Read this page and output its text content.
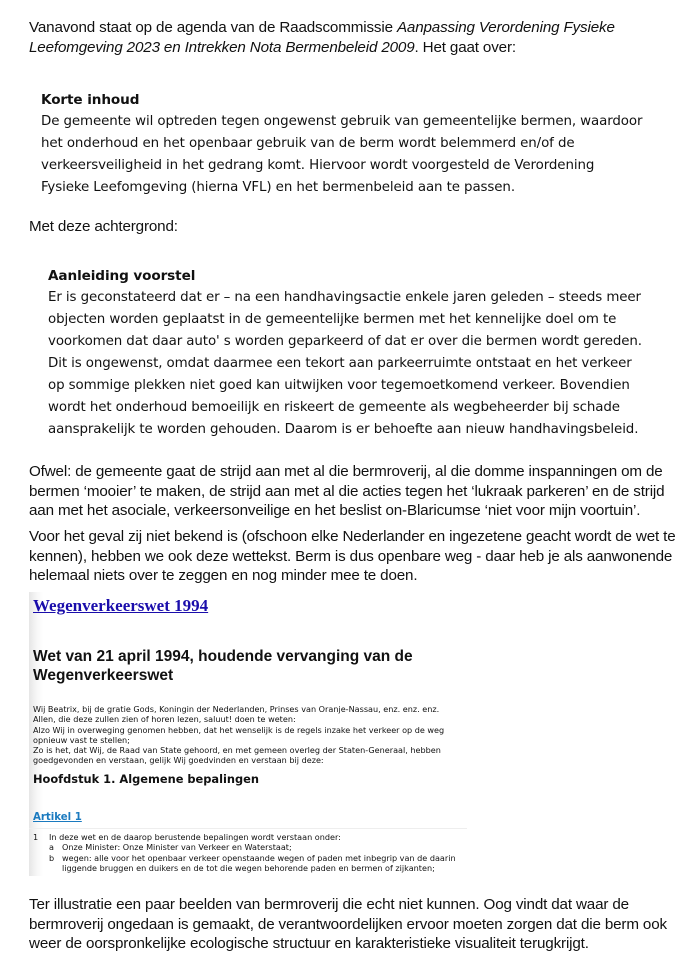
Vanavond staat op de agenda van de Raadscommissie Aanpassing Verordening Fysieke
Leefomgeving 2023 en Intrekken Nota Bermenbeleid 2009. Het gaat over:

Korte inhoud
De gemeente wil optreden tegen ongewenst gebruik van gemeentelijke bermen, waardoor
het onderhoud en het openbaar gebruik van de berm wordt belemmerd en/of de
verkeersveiligheid in het gedrang komt. Hiervoor wordt voorgesteld de Verordening
Fysieke Leefomgeving (hierna VFL) en het bermenbeleid aan te passen.

Met deze achtergrond:

Aanleiding voorstel
Er is geconstateerd dat er – na een handhavingsactie enkele jaren geleden – steeds meer
objecten worden geplaatst in de gemeentelijke bermen met het kennelijke doel om te
voorkomen dat daar auto' s worden geparkeerd of dat er over die bermen wordt gereden.
Dit is ongewenst, omdat daarmee een tekort aan parkeerruimte ontstaat en het verkeer
op sommige plekken niet goed kan uitwijken voor tegemoetkomend verkeer. Bovendien
wordt het onderhoud bemoeilijk en riskeert de gemeente als wegbeheerder bij schade
aansprakelijk te worden gehouden. Daarom is er behoefte aan nieuw handhavingsbeleid.

Ofwel: de gemeente gaat de strijd aan met al die bermroverij, al die domme inspanningen om de
bermen ‘mooier’ te maken, de strijd aan met al die acties tegen het ‘lukraak parkeren’ en de strijd
aan met het asociale, verkeersonveilige en het beslist on-Blaricumse ‘niet voor mijn voortuin’.

Voor het geval zij niet bekend is (ofschoon elke Nederlander en ingezetene geacht wordt de wet te
kennen), hebben we ook deze wettekst. Berm is dus openbare weg - daar heb je als aanwonende
helemaal niets over te zeggen en nog minder mee te doen.

Wegenverkeerswet 1994
Wet van 21 april 1994, houdende vervanging van de
Wegenverkeerswet
Wij Beatrix, bij de gratie Gods, Koningin der Nederlanden, Prinses van Oranje-Nassau, enz. enz. enz.
Allen, die deze zullen zien of horen lezen, saluut! doen te weten:
Alzo Wij in overweging genomen hebben, dat het wenselijk is de regels inzake het verkeer op de weg
opnieuw vast te stellen;
Zo is het, dat Wij, de Raad van State gehoord, en met gemeen overleg der Staten-Generaal, hebben
goedgevonden en verstaan, gelijk Wij goedvinden en verstaan bij deze:
Hoofdstuk 1. Algemene bepalingen
Artikel 1
1	In deze wet en de daarop berustende bepalingen wordt verstaan onder:
a Onze Minister: Onze Minister van Verkeer en Waterstaat;
b wegen: alle voor het openbaar verkeer openstaande wegen of paden met inbegrip van de daarin
liggende bruggen en duikers en de tot die wegen behorende paden en bermen of zijkanten;

Ter illustratie een paar beelden van bermroverij die echt niet kunnen. Oog vindt dat waar de
bermroverij ongedaan is gemaakt, de verantwoordelijken ervoor moeten zorgen dat die berm ook
weer de oorspronkelijke ecologische structuur en karakteristieke visualiteit terugkrijgt.
